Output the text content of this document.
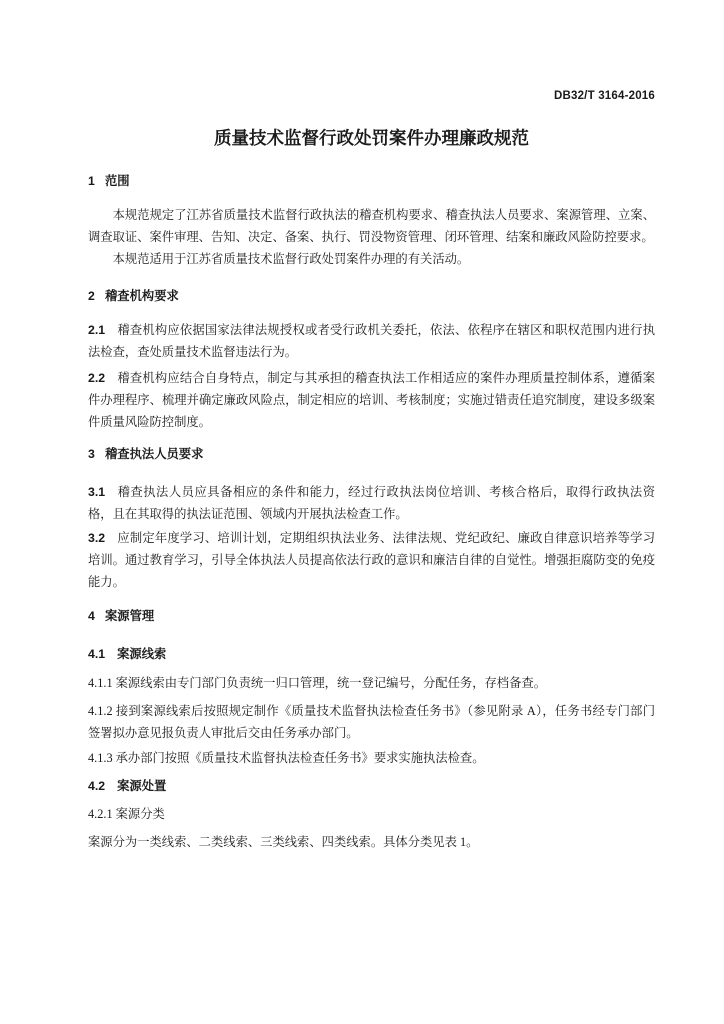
DB32/T 3164-2016
质量技术监督行政处罚案件办理廉政规范
1 范围

本规范规定了江苏省质量技术监督行政执法的稽查机构要求、稽查执法人员要求、案源管理、立案、调查取证、案件审理、告知、决定、备案、执行、罚没物资管理、闭环管理、结案和廉政风险防控要求。

本规范适用于江苏省质量技术监督行政处罚案件办理的有关活动。

2 稽查机构要求
2.1 稽查机构应依据国家法律法规授权或者受行政机关委托，依法、依程序在辖区和职权范围内进行执法检查，查处质量技术监督违法行为。
2.2 稽查机构应结合自身特点，制定与其承担的稽查执法工作相适应的案件办理质量控制体系，遵循案件办理程序、梳理并确定廉政风险点，制定相应的培训、考核制度；实施过错责任追究制度，建设多级案件质量风险防控制度。
3 稽查执法人员要求
3.1 稽查执法人员应具备相应的条件和能力，经过行政执法岗位培训、考核合格后，取得行政执法资格，且在其取得的执法证范围、领域内开展执法检查工作。
3.2 应制定年度学习、培训计划，定期组织执法业务、法律法规、党纪政纪、廉政自律意识培养等学习培训。通过教育学习，引导全体执法人员提高依法行政的意识和廉洁自律的自觉性。增强拒腐防变的免疫能力。
4 案源管理
4.1 案源线索
4.1.1 案源线索由专门部门负责统一归口管理，统一登记编号，分配任务，存档备查。
4.1.2 接到案源线索后按照规定制作《质量技术监督执法检查任务书》（参见附录 A），任务书经专门部门签署拟办意见报负责人审批后交由任务承办部门。
4.1.3 承办部门按照《质量技术监督执法检查任务书》要求实施执法检查。
4.2 案源处置
4.2.1 案源分类
案源分为一类线索、二类线索、三类线索、四类线索。具体分类见表 1。
